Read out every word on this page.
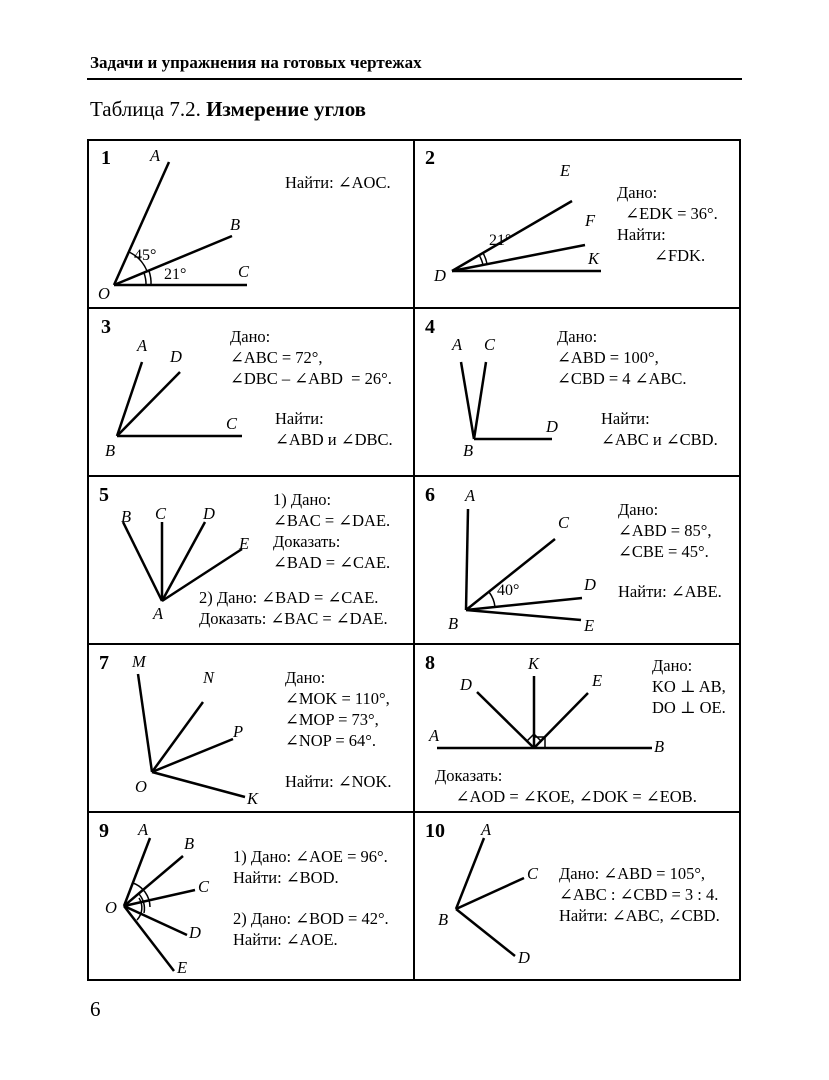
Задачи и упражнения на готовых чертежах
Таблица 7.2. Измерение углов
1 A
B
C
O
45°
21°
Найти: ∠AOC.
2
E
F
K
D
21°
Дано:
∠EDK = 36°.
Найти:
∠FDK.
3
A
D
C
B
Дано:
∠ABC = 72°,
∠DBC – ∠ABD  = 26°.
Найти:
∠ABD и ∠DBC.
4
A C
D
B
Дано:
∠ABD = 100°,
∠CBD = 4 ∠ABC.
Найти:
∠ABC и ∠CBD.
5
B C D
E
A
1) Дано:
∠BAC = ∠DAE.
Доказать:
∠BAD = ∠CAE.
2) Дано: ∠BAD = ∠CAE.
Доказать: ∠BAC = ∠DAE.
6 A
C
D
B	E
40°
Дано:
∠ABD = 85°,
∠CBE = 45°.
Найти: ∠ABE.
7 M
N
P
O
K
Дано:
∠MOK = 110°,
∠MOP = 73°,
∠NOP = 64°.
Найти: ∠NOK.
8	K
D	E
A
B
Дано:
KO ⊥ AB,
DO ⊥ OE.
Доказать:
∠AOD = ∠KOE, ∠DOK = ∠EOB.
9 A
B
C
O
D
E
1) Дано: ∠AOE = 96°.
Найти: ∠BOD.
2) Дано: ∠BOD = 42°.
Найти: ∠AOE.
10 A
C
B
D
Дано: ∠ABD = 105°,
∠ABC : ∠CBD = 3 : 4.
Найти: ∠ABC, ∠CBD.
6
